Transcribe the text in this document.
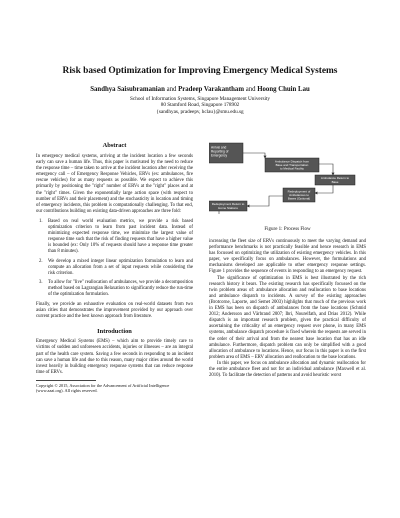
Risk based Optimization for Improving Emergency Medical Systems
Sandhya Saisubramanian and Pradeep Varakantham and Hoong Chuin Lau
School of Information Systems, Singapore Management University
80 Stamford Road, Singapore 178902
{sandhyas, pradeepv, hclau}@smu.edu.sg
Abstract

In emergency medical systems, arriving at the incident location a few seconds early can save a human life. Thus, this paper is motivated by the need to reduce the response time – time taken to arrive at the incident location after receiving the emergency call – of Emergency Response Vehicles, ERVs (ex: ambulances, fire rescue vehicles) for as many requests as possible. We expect to achieve this primarily by positioning the "right" number of ERVs at the "right" places and at the "right" times. Given the exponentially large action space (with respect to number of ERVs and their placement) and the stochasticity in location and timing of emergency incidents, this problem is computationally challenging. To that end, our contributions building on existing data-driven approaches are three fold:

1. Based on real world evaluation metrics, we provide a risk based optimization criterion to learn from past incident data. Instead of minimizing expected response time, we minimize the largest value of response time such that the risk of finding requests that have a higher value is bounded (ex: Only 10% of requests should have a response time greater than 8 minutes).
2. We develop a mixed integer linear optimization formulation to learn and compute an allocation from a set of input requests while considering the risk criterion.
3. To allow for "live" reallocation of ambulances, we provide a decomposition method based on Lagrangian Relaxation to significantly reduce the run-time of the optimization formulation.

Finally, we provide an exhaustive evaluation on real-world datasets from two asian cities that demonstrates the improvement provided by our approach over current practice and the best known approach from literature.

Introduction

Emergency Medical Systems (EMS) – which aim to provide timely care to victims of sudden and unforeseen accidents, injuries or illnesses – are an integral part of the health care system. Saving a few seconds in responding to an incident can save a human life and due to this reason, many major cities around the world invest heavily in building emergency response systems that can reduce response time of ERVs.

Copyright © 2015, Association for the Advancement of Artificial Intelligence (www.aaai.org). All rights reserved.
Arrival and
Reporting of
Emergency
Ambulance Dispatch from
Base and Transportation
to Medical Facility
Ambulance Return to
Base
Redeployment of
Ambulances to
Bases (Optional)
Redeployment Return to
Home Stations
Figure 1: Process Flow

increasing the fleet size of ERVs continuously to meet the varying demand and performance benchmarks is not practically feasible and hence research in EMS has focussed on optimizing the utilization of existing emergency vehicles. In this paper, we specifically focus on ambulances. However, the formulations and mechanisms developed are applicable to other emergency response settings. Figure 1 provides the sequence of events in responding to an emergency request.

The significance of optimization in EMS is best illustrated by the rich research history it bears. The existing research has specifically focussed on the twin problem areas of: ambulance allocation and reallocation to base locations and ambulance dispatch to incidents. A survey of the existing approaches (Brotcorne, Laporte, and Semet 2003) highlights that much of the previous work in EMS has been on dispatch of ambulances from the base locations (Schmid 2012; Andersson and Värbrand 2007; Ibri, Nourelfath, and Drias 2012). While dispatch is an important research problem, given the practical difficulty of ascertaining the criticality of an emergency request over phone, in many EMS systems, ambulance dispatch procedure is fixed wherein the requests are served in the order of their arrival and from the nearest base location that has an idle ambulance. Furthermore, dispatch problem can only be simplified with a good allocation of ambulance to locations. Hence, our focus in this paper is on the first problem area of EMS – ERV allocation and reallocation to the base locations.

In this paper, we focus on ambulance allocation and dynamic reallocation for the entire ambulance fleet and not for an individual ambulance (Maxwell et al. 2010). To facilitate the detection of patterns and avoid heuristic worst
